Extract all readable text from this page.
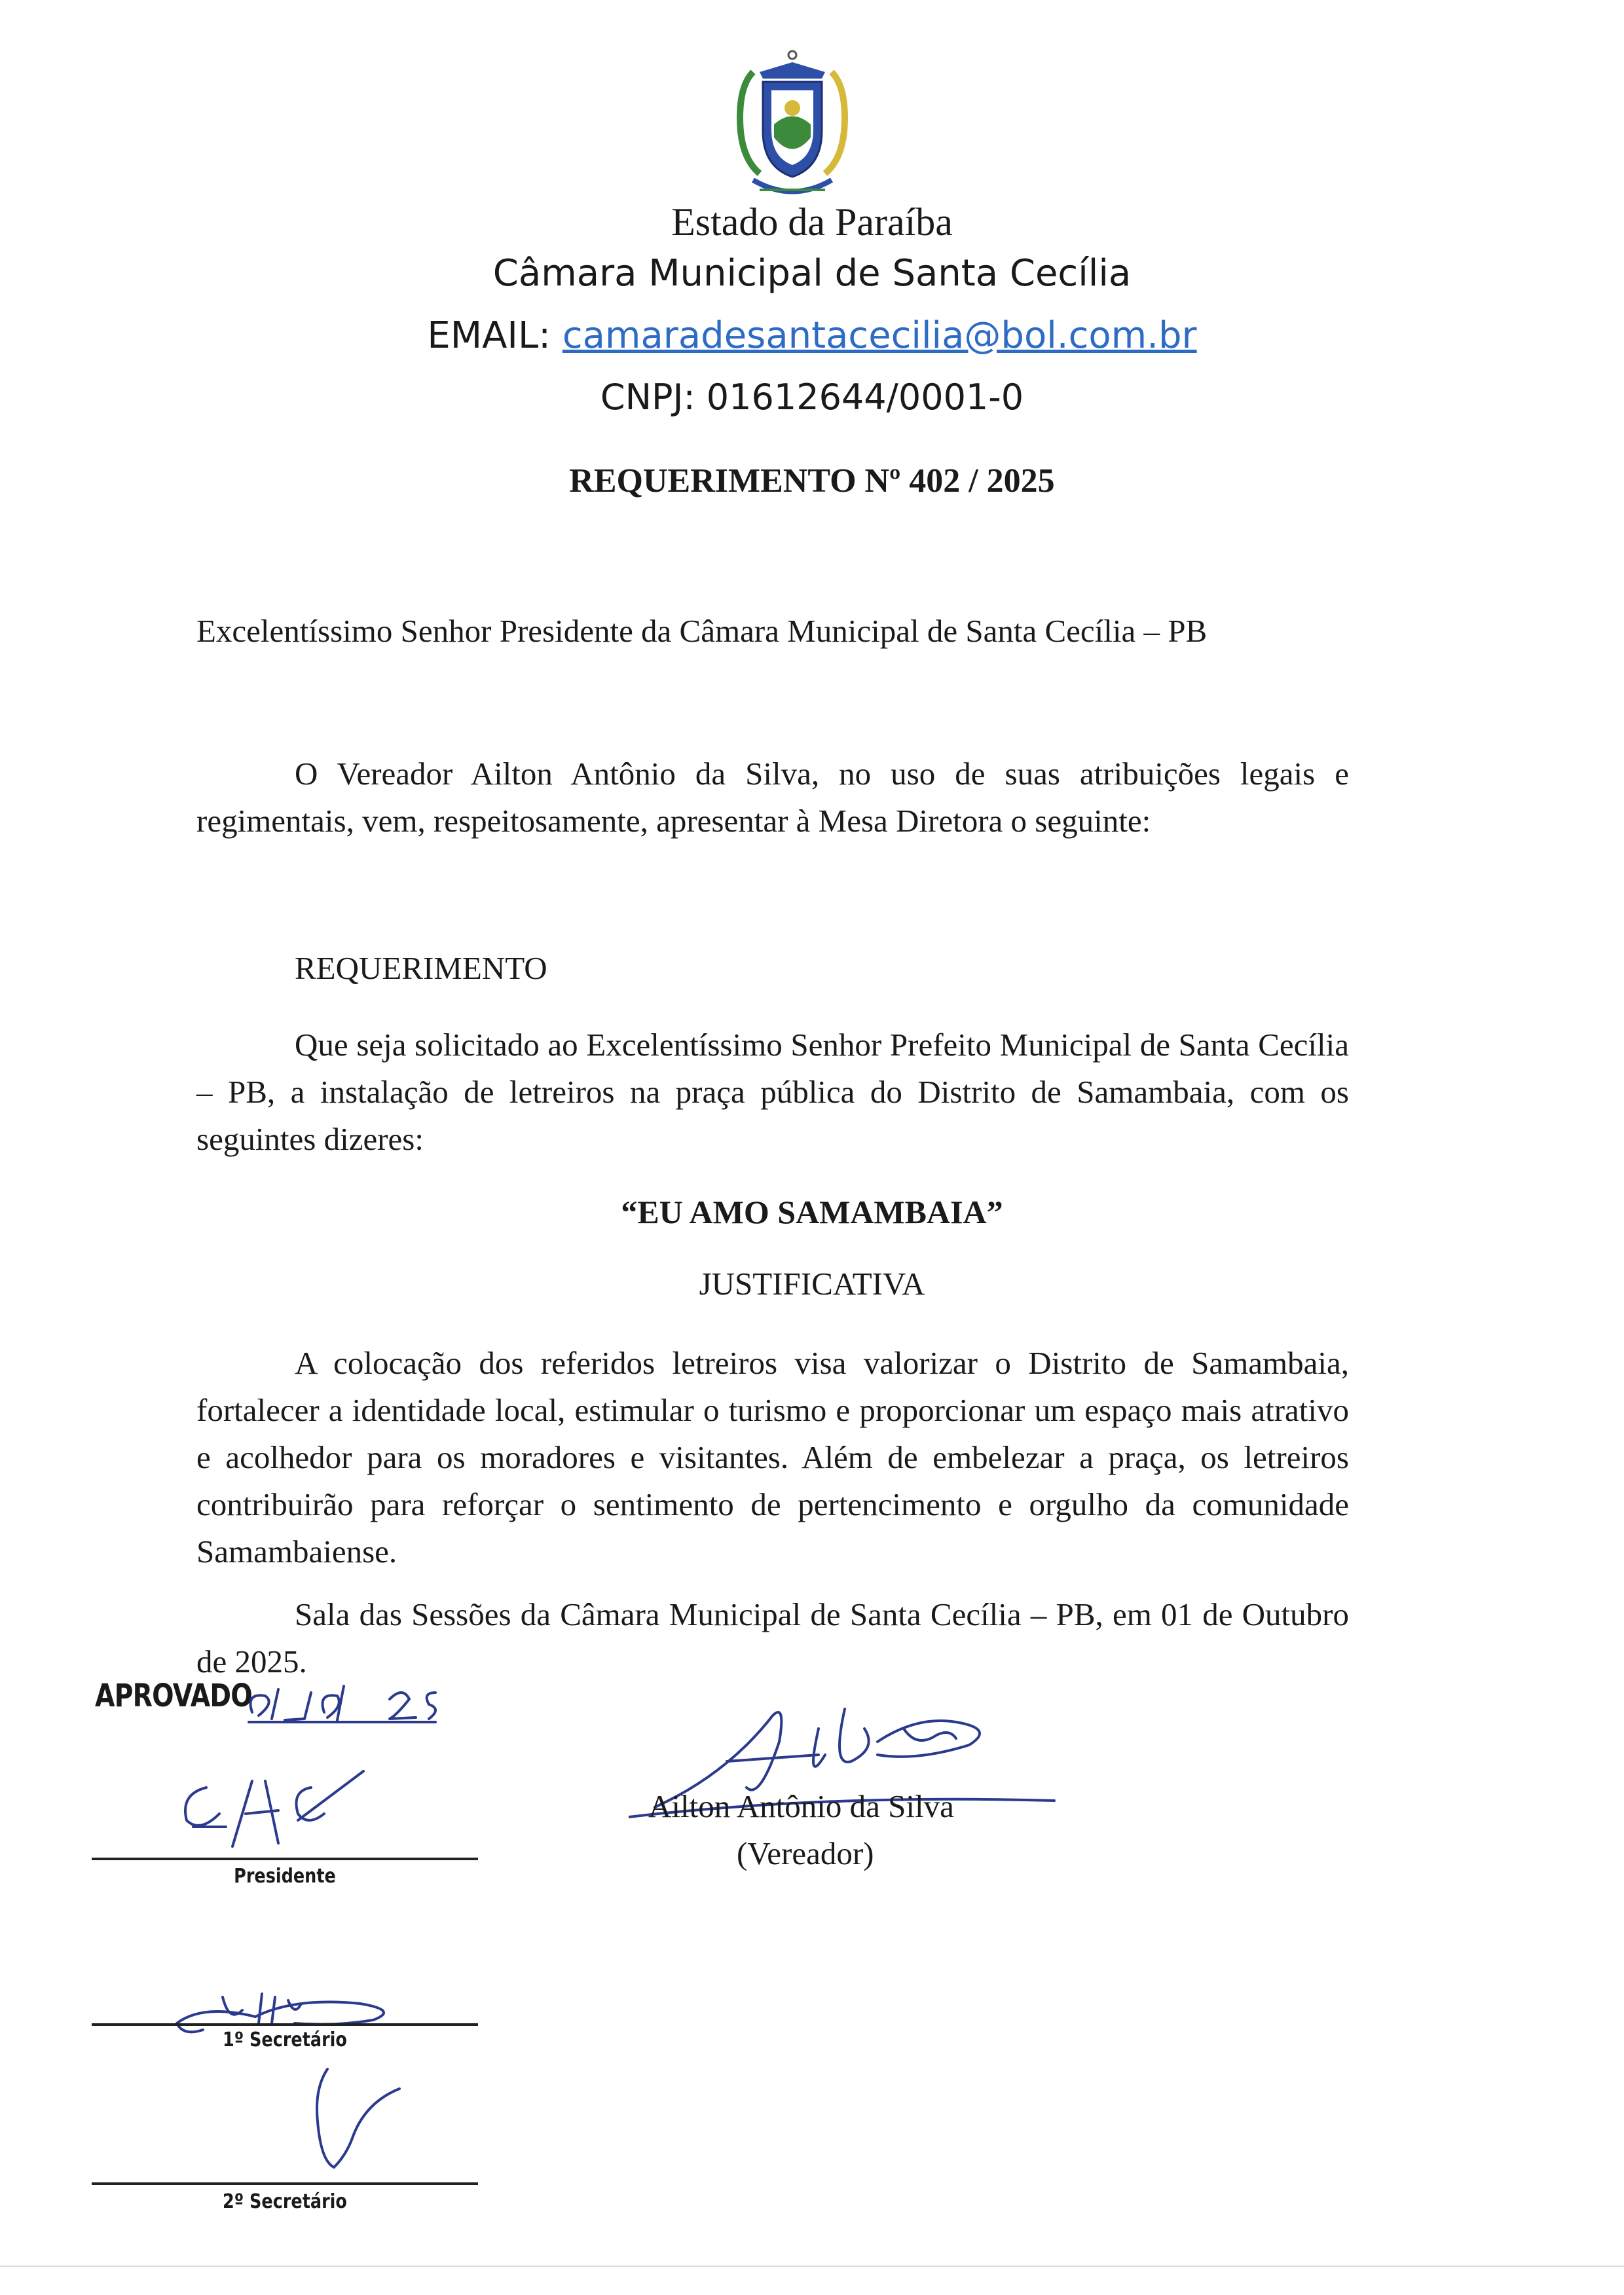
Estado da Paraíba
Câmara Municipal de Santa Cecília
EMAIL: camaradesantacecilia@bol.com.br
CNPJ: 01612644/0001-0
REQUERIMENTO Nº 402 / 2025
Excelentíssimo Senhor Presidente da Câmara Municipal de Santa Cecília – PB
O Vereador Ailton Antônio da Silva, no uso de suas atribuições legais e regimentais, vem, respeitosamente, apresentar à Mesa Diretora o seguinte:
REQUERIMENTO
Que seja solicitado ao Excelentíssimo Senhor Prefeito Municipal de Santa Cecília – PB, a instalação de letreiros na praça pública do Distrito de Samambaia, com os seguintes dizeres:
“EU AMO SAMAMBAIA”
JUSTIFICATIVA
A colocação dos referidos letreiros visa valorizar o Distrito de Samambaia, fortalecer a identidade local, estimular o turismo e proporcionar um espaço mais atrativo e acolhedor para os moradores e visitantes. Além de embelezar a praça, os letreiros contribuirão para reforçar o sentimento de pertencimento e orgulho da comunidade Samambaiense.
Sala das Sessões da Câmara Municipal de Santa Cecília – PB, em 01 de Outubro de 2025.
APROVADO
Presidente
1º Secretário
2º Secretário
Ailton Antônio da Silva
(Vereador)
